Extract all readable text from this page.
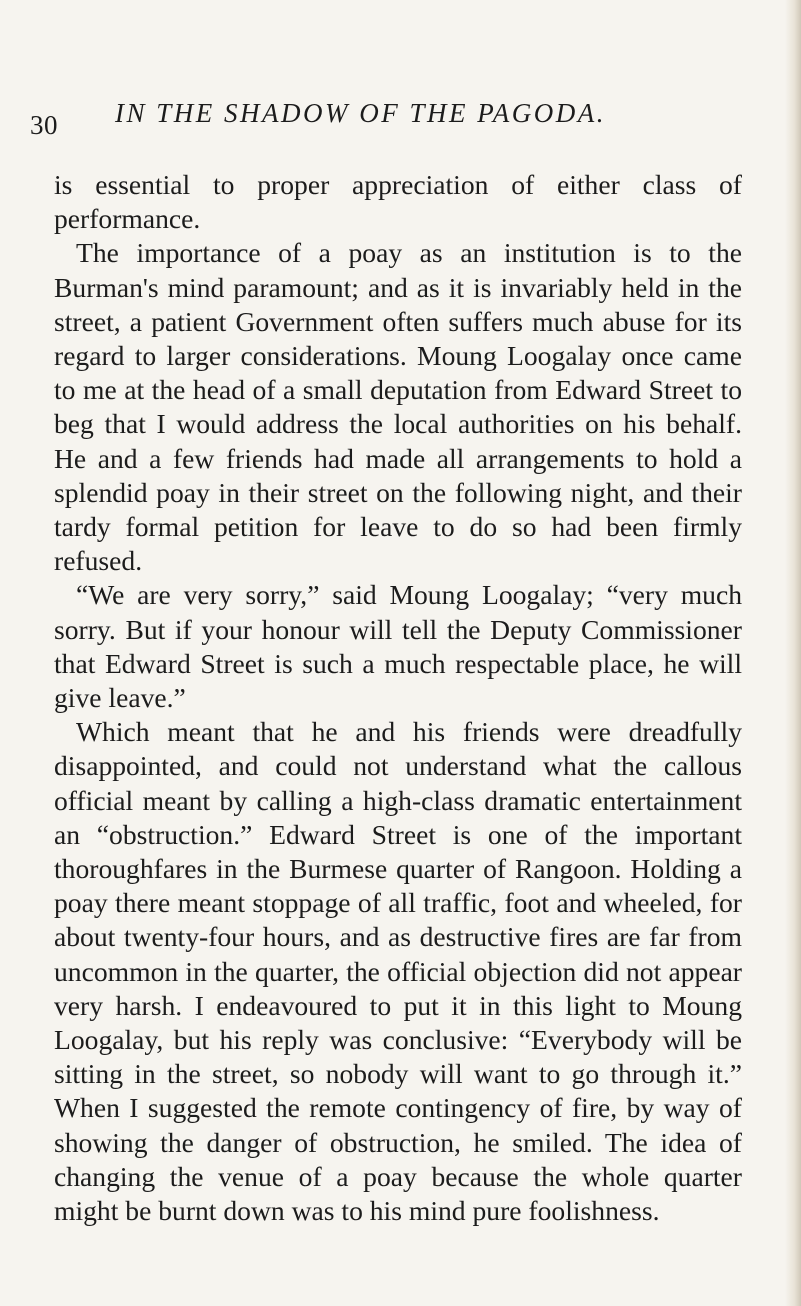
30 IN THE SHADOW OF THE PAGODA.

is essential to proper appreciation of either class of performance.

The importance of a poay as an institution is to the Burman's mind paramount; and as it is invariably held in the street, a patient Government often suffers much abuse for its regard to larger considerations. Moung Loogalay once came to me at the head of a small deputation from Edward Street to beg that I would address the local authorities on his behalf. He and a few friends had made all arrangements to hold a splendid poay in their street on the following night, and their tardy formal petition for leave to do so had been firmly refused.

“We are very sorry,” said Moung Loogalay; “very much sorry. But if your honour will tell the Deputy Commissioner that Edward Street is such a much respectable place, he will give leave.”

Which meant that he and his friends were dreadfully disappointed, and could not understand what the callous official meant by calling a high-class dramatic entertainment an “obstruction.” Edward Street is one of the important thoroughfares in the Burmese quarter of Rangoon. Holding a poay there meant stoppage of all traffic, foot and wheeled, for about twenty-four hours, and as destructive fires are far from uncommon in the quarter, the official objection did not appear very harsh. I endeavoured to put it in this light to Moung Loogalay, but his reply was conclusive: “Everybody will be sitting in the street, so nobody will want to go through it.” When I suggested the remote contingency of fire, by way of showing the danger of obstruction, he smiled. The idea of changing the venue of a poay because the whole quarter might be burnt down was to his mind pure foolishness.
